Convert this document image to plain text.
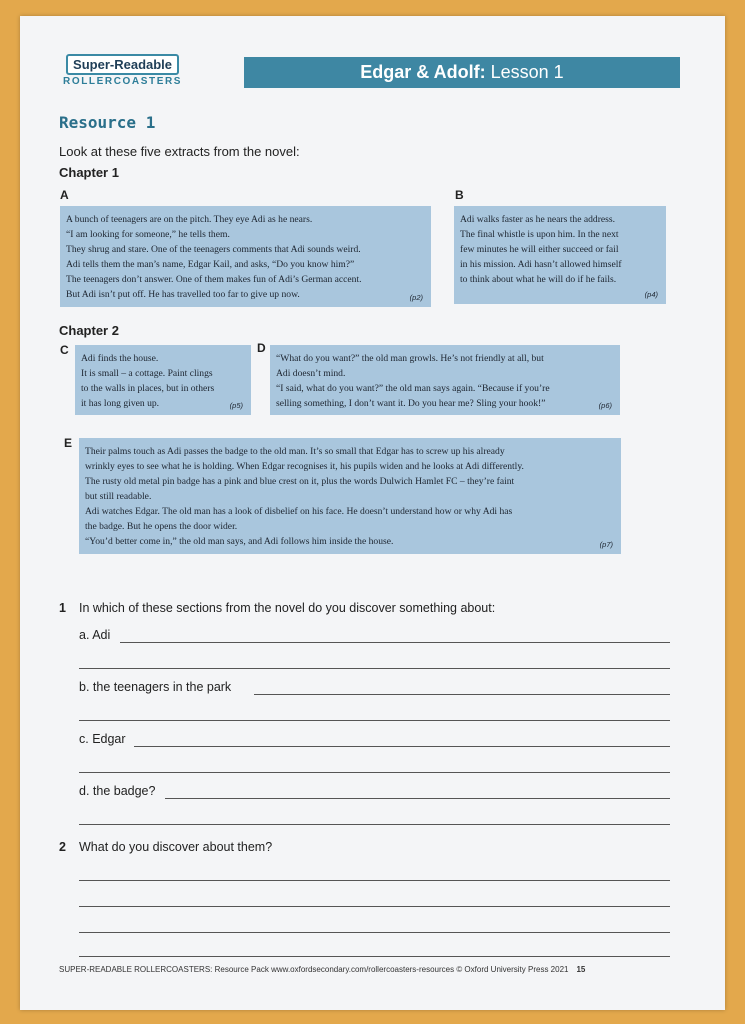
Super-Readable
ROLLERCOASTERS	Edgar & Adolf: Lesson 1
Resource 1
Look at these five extracts from the novel:
Chapter 1
A

A bunch of teenagers are on the pitch. They eye Adi as he nears.

“I am looking for someone,” he tells them.

They shrug and stare. One of the teenagers comments that Adi sounds weird.

Adi tells them the man’s name, Edgar Kail, and asks, “Do you know him?”

The teenagers don’t answer. One of them makes fun of Adi’s German accent.

But Adi isn’t put off. He has travelled too far to give up now.	(p2)
B

Adi walks faster as he nears the address.

The final whistle is upon him. In the next

few minutes he will either succeed or fail

in his mission. Adi hasn’t allowed himself

to think about what he will do if he fails.

(p4)
Chapter 2
C

Adi finds the house.

It is small – a cottage. Paint clings

to the walls in places, but in others

it has long given up.	(p5)
D

“What do you want?” the old man growls. He’s not friendly at all, but

Adi doesn’t mind.

“I said, what do you want?” the old man says again. “Because if you’re

selling something, I don’t want it. Do you hear me? Sling your hook!”	(p6)
E

Their palms touch as Adi passes the badge to the old man. It’s so small that Edgar has to screw up his already

wrinkly eyes to see what he is holding. When Edgar recognises it, his pupils widen and he looks at Adi differently.

The rusty old metal pin badge has a pink and blue crest on it, plus the words Dulwich Hamlet FC – they’re faint

but still readable.

Adi watches Edgar. The old man has a look of disbelief on his face. He doesn’t understand how or why Adi has

the badge. But he opens the door wider.

“You’d better come in,” the old man says, and Adi follows him inside the house.	(p7)
1 In which of these sections from the novel do you discover something about:
a. Adi
b. the teenagers in the park
c. Edgar
d. the badge?
2 What do you discover about them?
SUPER-READABLE ROLLERCOASTERS: Resource Pack www.oxfordsecondary.com/rollercoasters-resources © Oxford University Press 2021 15
